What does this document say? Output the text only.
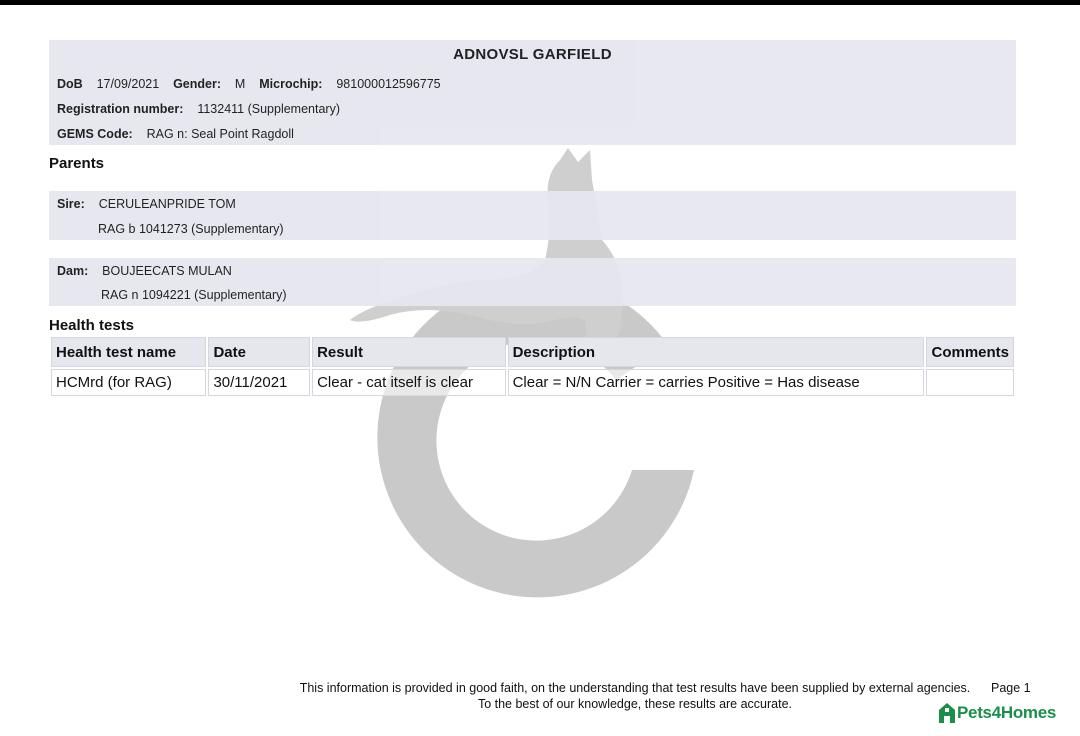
ADNOVSL GARFIELD
DoB 17/09/2021 Gender: M Microchip: 981000012596775
Registration number: 1132411 (Supplementary)
GEMS Code: RAG n: Seal Point Ragdoll
Parents
Sire: CERULEANPRIDE TOM
RAG b 1041273 (Supplementary)
Dam: BOUJEECATS MULAN
RAG n 1094221 (Supplementary)
Health tests
Health test name	Date	Result	Description	Comments
HCMrd (for RAG)	30/11/2021	Clear - cat itself is clear	Clear = N/N Carrier = carries Positive = Has disease	
This information is provided in good faith, on the understanding that test results have been supplied by external agencies.
To the best of our knowledge, these results are accurate.
Page 1
Pets4Homes
